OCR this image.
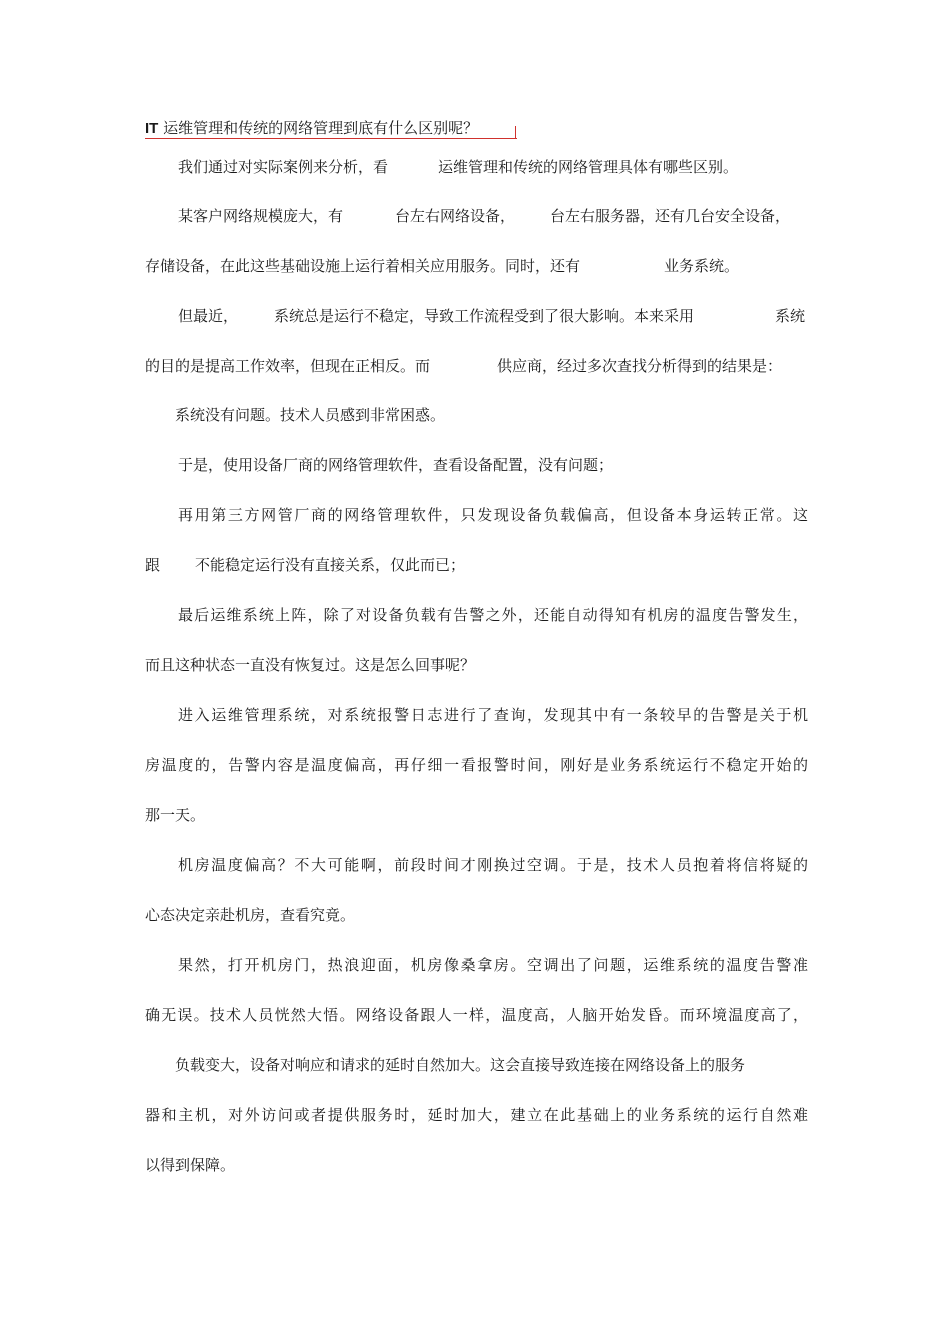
IT 运维管理和传统的网络管理到底有什么区别呢？
我们通过对实际案例来分析，看	运维管理和传统的网络管理具体有哪些区别。
某客户网络规模庞大，有	台左右网络设备， 台左右服务器，还有几台安全设备，
存储设备，在此这些基础设施上运行着相关应用服务。同时，还有	业务系统。
但最近， 系统总是运行不稳定，导致工作流程受到了很大影响。本来采用	系统
的目的是提高工作效率，但现在正相反。而	供应商，经过多次查找分析得到的结果是：
系统没有问题。技术人员感到非常困惑。
于是，使用设备厂商的网络管理软件，查看设备配置，没有问题；
再用第三方网管厂商的网络管理软件，只发现设备负载偏高，但设备本身运转正常。这
跟 不能稳定运行没有直接关系，仅此而已；
最后运维系统上阵，除了对设备负载有告警之外，还能自动得知有机房的温度告警发生，
而且这种状态一直没有恢复过。这是怎么回事呢？
进入运维管理系统，对系统报警日志进行了查询，发现其中有一条较早的告警是关于机
房温度的，告警内容是温度偏高，再仔细一看报警时间，刚好是业务系统运行不稳定开始的
那一天。
机房温度偏高？不大可能啊，前段时间才刚换过空调。于是，技术人员抱着将信将疑的
心态决定亲赴机房，查看究竟。
果然，打开机房门，热浪迎面，机房像桑拿房。空调出了问题，运维系统的温度告警准
确无误。技术人员恍然大悟。网络设备跟人一样，温度高，人脑开始发昏。而环境温度高了，
负载变大，设备对响应和请求的延时自然加大。这会直接导致连接在网络设备上的服务
器和主机，对外访问或者提供服务时，延时加大，建立在此基础上的业务系统的运行自然难
以得到保障。
